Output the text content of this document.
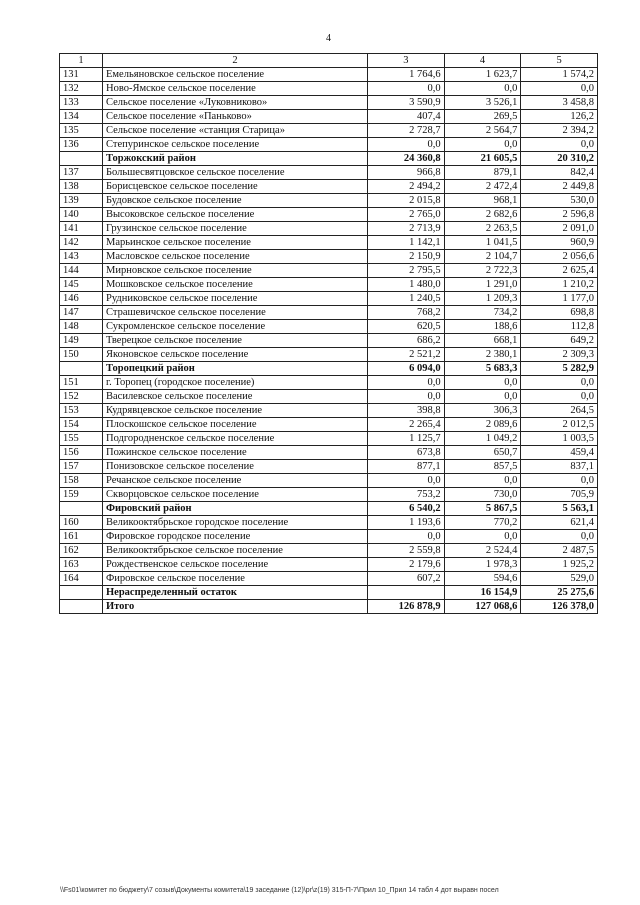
4
1	2	3	4	5
131	Емельяновское сельское поселение	1 764,6	1 623,7	1 574,2
132	Ново-Ямское сельское поселение	0,0	0,0	0,0
133	Сельское поселение «Луковниково»	3 590,9	3 526,1	3 458,8
134	Сельское поселение «Паньково»	407,4	269,5	126,2
135	Сельское поселение «станция Старица»	2 728,7	2 564,7	2 394,2
136	Степуринское сельское поселение	0,0	0,0	0,0
	Торжокский район	24 360,8	21 605,5	20 310,2
137	Большесвятцовское сельское поселение	966,8	879,1	842,4
138	Борисцевское сельское поселение	2 494,2	2 472,4	2 449,8
139	Будовское сельское поселение	2 015,8	968,1	530,0
140	Высоковское сельское поселение	2 765,0	2 682,6	2 596,8
141	Грузинское сельское поселение	2 713,9	2 263,5	2 091,0
142	Марьинское сельское поселение	1 142,1	1 041,5	960,9
143	Масловское сельское поселение	2 150,9	2 104,7	2 056,6
144	Мирновское сельское поселение	2 795,5	2 722,3	2 625,4
145	Мошковское сельское поселение	1 480,0	1 291,0	1 210,2
146	Рудниковское сельское поселение	1 240,5	1 209,3	1 177,0
147	Страшевичское сельское поселение	768,2	734,2	698,8
148	Сукромленское сельское поселение	620,5	188,6	112,8
149	Тверецкое сельское поселение	686,2	668,1	649,2
150	Яконовское сельское поселение	2 521,2	2 380,1	2 309,3
	Торопецкий район	6 094,0	5 683,3	5 282,9
151	г. Торопец (городское поселение)	0,0	0,0	0,0
152	Василевское сельское поселение	0,0	0,0	0,0
153	Кудрявцевское сельское поселение	398,8	306,3	264,5
154	Плоскошское сельское поселение	2 265,4	2 089,6	2 012,5
155	Подгородненское сельское поселение	1 125,7	1 049,2	1 003,5
156	Пожинское сельское поселение	673,8	650,7	459,4
157	Понизовское сельское поселение	877,1	857,5	837,1
158	Речанское сельское поселение	0,0	0,0	0,0
159	Скворцовское сельское поселение	753,2	730,0	705,9
	Фировский район	6 540,2	5 867,5	5 563,1
160	Великооктябрьское городское поселение	1 193,6	770,2	621,4
161	Фировское городское поселение	0,0	0,0	0,0
162	Великооктябрьское сельское поселение	2 559,8	2 524,4	2 487,5
163	Рождественское сельское поселение	2 179,6	1 978,3	1 925,2
164	Фировское сельское поселение	607,2	594,6	529,0
	Нераспределенный остаток		16 154,9	25 275,6
	Итого	126 878,9	127 068,6	126 378,0
\\Fs01\комитет по бюджету\7 созыв\Документы комитета\19 заседание (12)\pr\z(19) 315-П-7\Прил 10_Прил 14 табл 4 дот выравн посел
